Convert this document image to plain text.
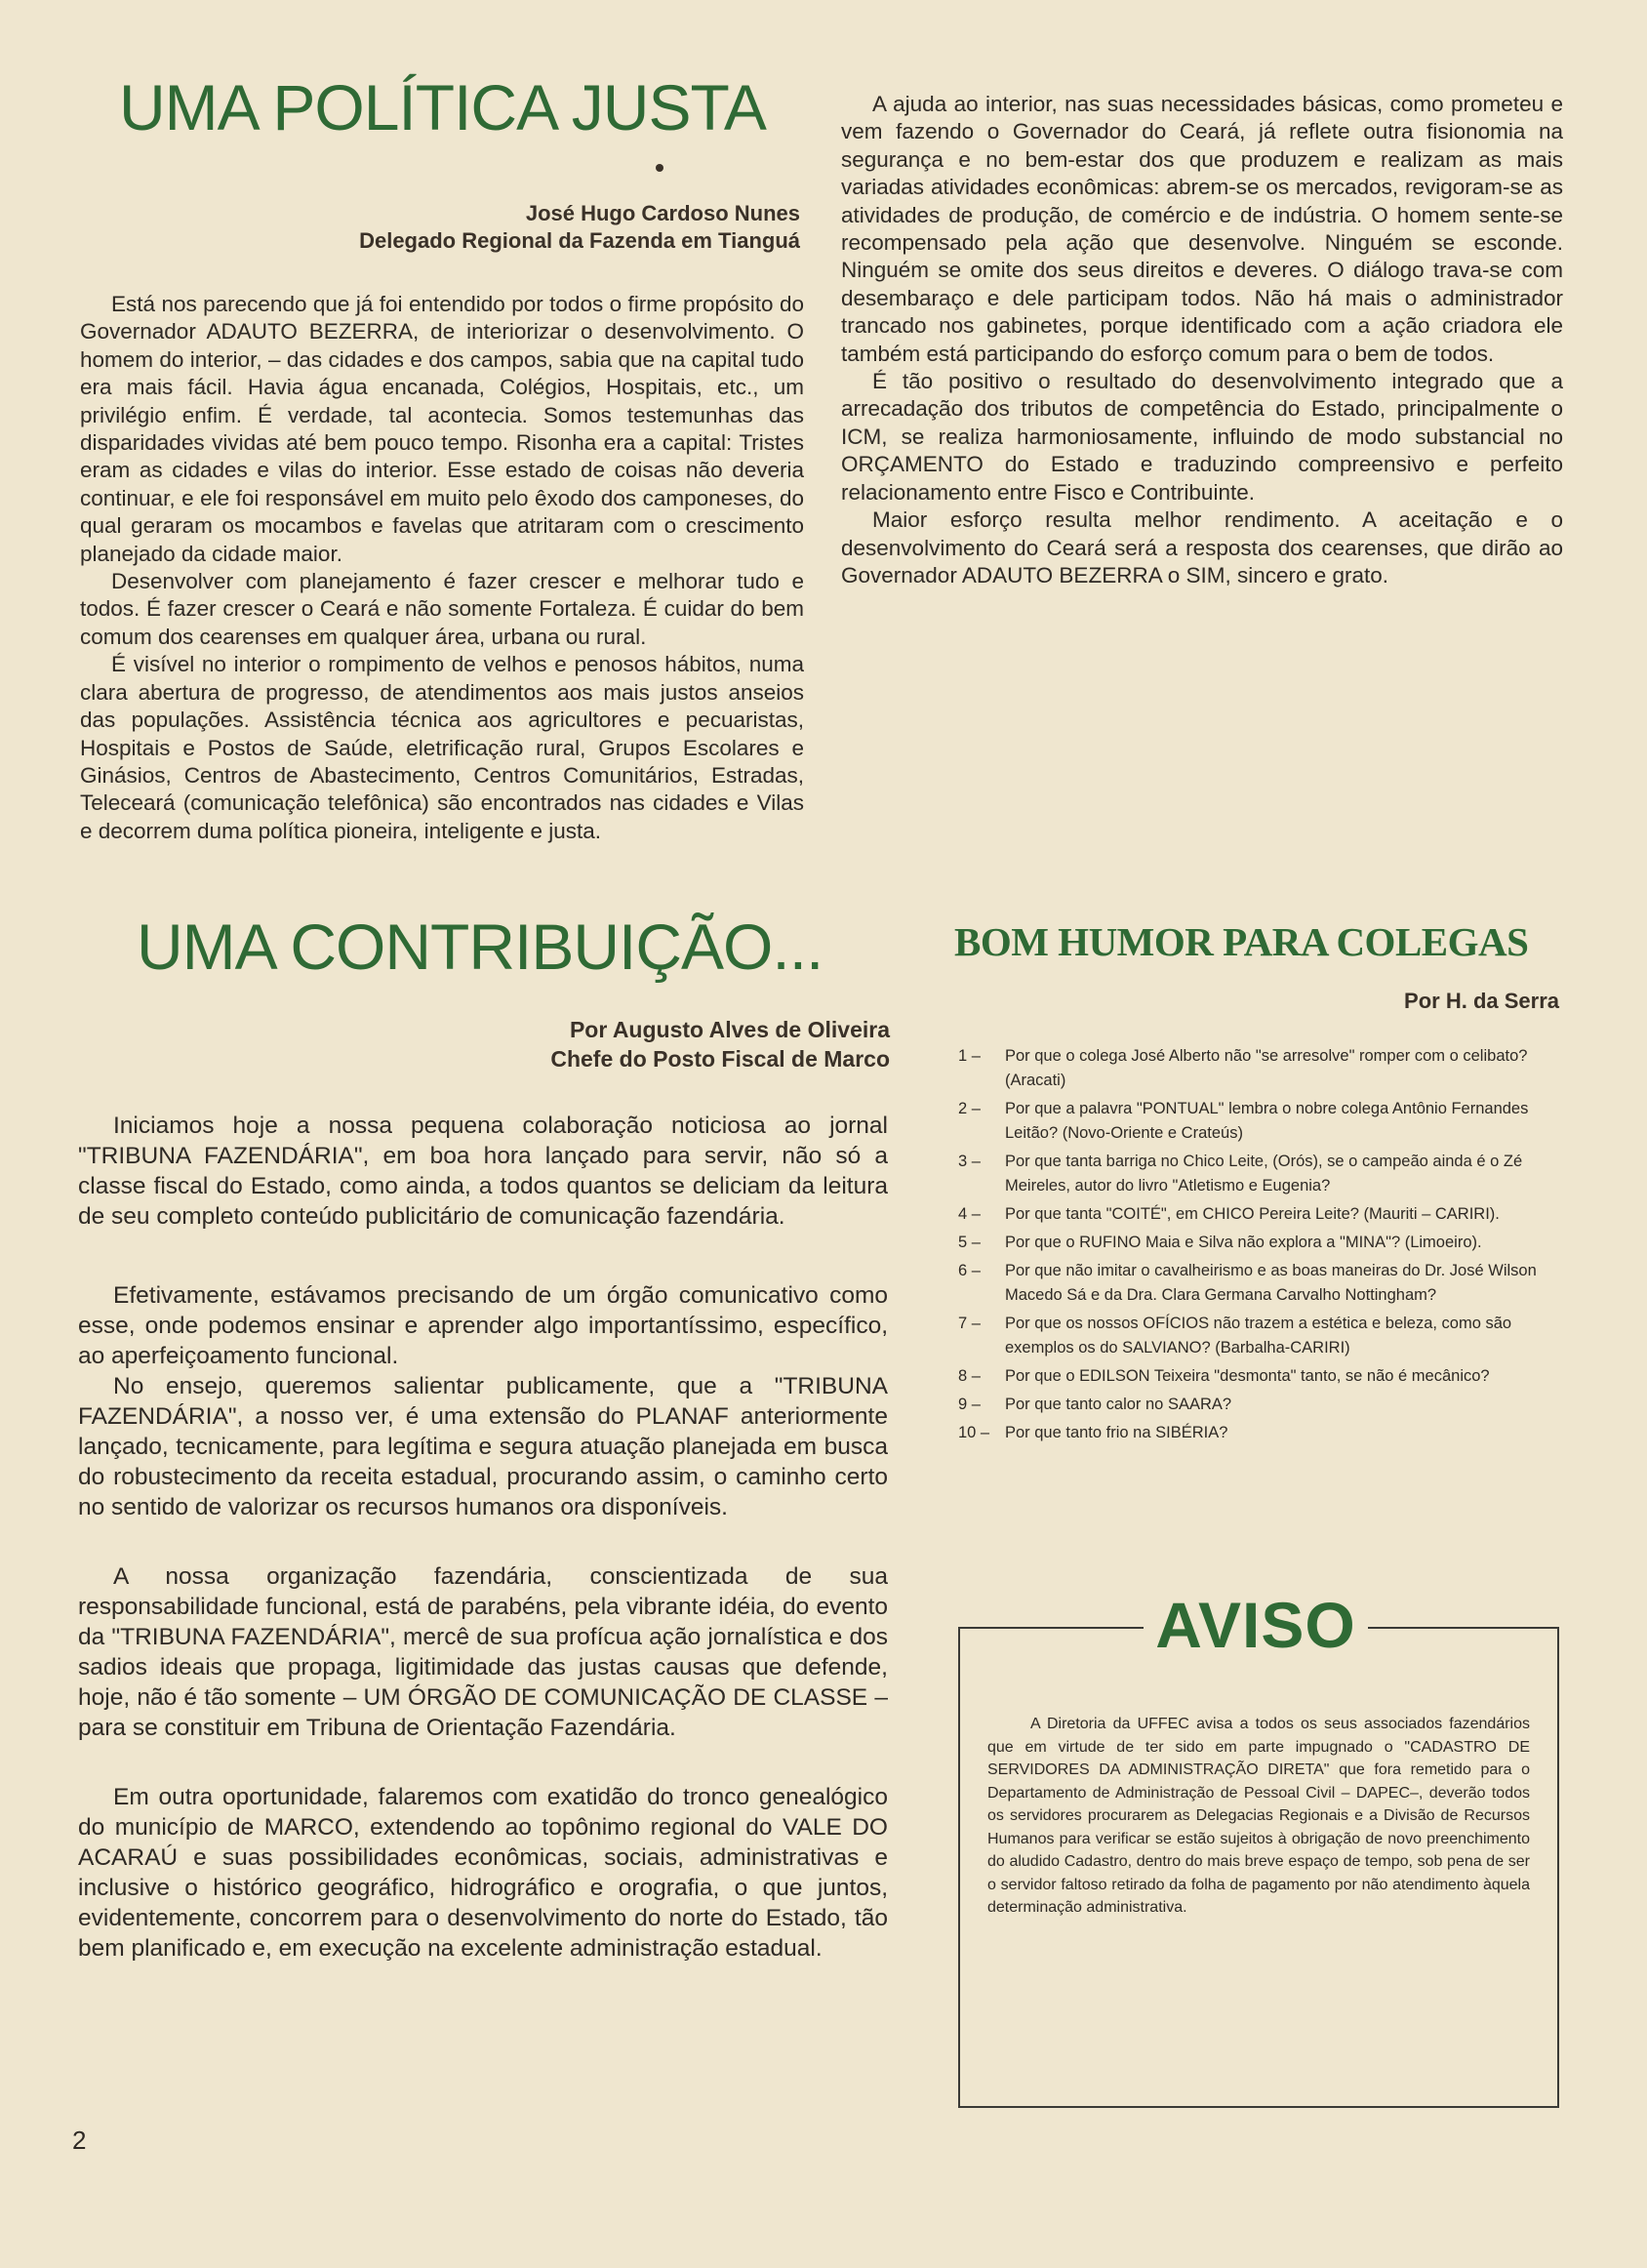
UMA POLÍTICA JUSTA
José Hugo Cardoso Nunes
Delegado Regional da Fazenda em Tianguá

Está nos parecendo que já foi entendido por todos o firme propósito do Governador ADAUTO BEZERRA, de interiorizar o desenvolvimento. O homem do interior, – das cidades e dos campos, sabia que na capital tudo era mais fácil. Havia água encanada, Colégios, Hospitais, etc., um privilégio enfim. É verdade, tal acontecia. Somos testemunhas das disparidades vividas até bem pouco tempo. Risonha era a capital: Tristes eram as cidades e vilas do interior. Esse estado de coisas não deveria continuar, e ele foi responsável em muito pelo êxodo dos camponeses, do qual geraram os mocambos e favelas que atritaram com o crescimento planejado da cidade maior.

Desenvolver com planejamento é fazer crescer e melhorar tudo e todos. É fazer crescer o Ceará e não somente Fortaleza. É cuidar do bem comum dos cearenses em qualquer área, urbana ou rural.

É visível no interior o rompimento de velhos e penosos hábitos, numa clara abertura de progresso, de atendimentos aos mais justos anseios das populações. Assistência técnica aos agricultores e pecuaristas, Hospitais e Postos de Saúde, eletrificação rural, Grupos Escolares e Ginásios, Centros de Abastecimento, Centros Comunitários, Estradas, Teleceará (comunicação telefônica) são encontrados nas cidades e Vilas e decorrem duma política pioneira, inteligente e justa.

A ajuda ao interior, nas suas necessidades básicas, como prometeu e vem fazendo o Governador do Ceará, já reflete outra fisionomia na segurança e no bem-estar dos que produzem e realizam as mais variadas atividades econômicas: abrem-se os mercados, revigoram-se as atividades de produção, de comércio e de indústria. O homem sente-se recompensado pela ação que desenvolve. Ninguém se esconde. Ninguém se omite dos seus direitos e deveres. O diálogo trava-se com desembaraço e dele participam todos. Não há mais o administrador trancado nos gabinetes, porque identificado com a ação criadora ele também está participando do esforço comum para o bem de todos.

É tão positivo o resultado do desenvolvimento integrado que a arrecadação dos tributos de competência do Estado, principalmente o ICM, se realiza harmoniosamente, influindo de modo substancial no ORÇAMENTO do Estado e traduzindo compreensivo e perfeito relacionamento entre Fisco e Contribuinte.

Maior esforço resulta melhor rendimento. A aceitação e o desenvolvimento do Ceará será a resposta dos cearenses, que dirão ao Governador ADAUTO BEZERRA o SIM, sincero e grato.

UMA CONTRIBUIÇÃO...
Por Augusto Alves de Oliveira
Chefe do Posto Fiscal de Marco

Iniciamos hoje a nossa pequena colaboração noticiosa ao jornal "TRIBUNA FAZENDÁRIA", em boa hora lançado para servir, não só a classe fiscal do Estado, como ainda, a todos quantos se deliciam da leitura de seu completo conteúdo publicitário de comunicação fazendária.

Efetivamente, estávamos precisando de um órgão comunicativo como esse, onde podemos ensinar e aprender algo importantíssimo, específico, ao aperfeiçoamento funcional.

No ensejo, queremos salientar publicamente, que a "TRIBUNA FAZENDÁRIA", a nosso ver, é uma extensão do PLANAF anteriormente lançado, tecnicamente, para legítima e segura atuação planejada em busca do robustecimento da receita estadual, procurando assim, o caminho certo no sentido de valorizar os recursos humanos ora disponíveis.

A nossa organização fazendária, conscientizada de sua responsabilidade funcional, está de parabéns, pela vibrante idéia, do evento da "TRIBUNA FAZENDÁRIA", mercê de sua profícua ação jornalística e dos sadios ideais que propaga, ligitimidade das justas causas que defende, hoje, não é tão somente – UM ÓRGÃO DE COMUNICAÇÃO DE CLASSE – para se constituir em Tribuna de Orientação Fazendária.

Em outra oportunidade, falaremos com exatidão do tronco genealógico do município de MARCO, extendendo ao topônimo regional do VALE DO ACARAÚ e suas possibilidades econômicas, sociais, administrativas e inclusive o histórico geográfico, hidrográfico e orografia, o que juntos, evidentemente, concorrem para o desenvolvimento do norte do Estado, tão bem planificado e, em execução na excelente administração estadual.

BOM HUMOR PARA COLEGAS
Por H. da Serra
1 –	Por que o colega José Alberto não "se arresolve" romper com o celibato? (Aracati)
2 –	Por que a palavra "PONTUAL" lembra o nobre colega Antônio Fernandes Leitão? (Novo-Oriente e Crateús)
3 –	Por que tanta barriga no Chico Leite, (Orós), se o campeão ainda é o Zé Meireles, autor do livro "Atletismo e Eugenia?
4 –	Por que tanta "COITÉ", em CHICO Pereira Leite? (Mauriti – CARIRI).
5 –	Por que o RUFINO Maia e Silva não explora a "MINA"? (Limoeiro).
6 –	Por que não imitar o cavalheirismo e as boas maneiras do Dr. José Wilson Macedo Sá e da Dra. Clara Germana Carvalho Nottingham?
7 –	Por que os nossos OFÍCIOS não trazem a estética e beleza, como são exemplos os do SALVIANO? (Barbalha-CARIRI)
8 –	Por que o EDILSON Teixeira "desmonta" tanto, se não é mecânico?
9 –	Por que tanto calor no SAARA?
10 – Por que tanto frio na SIBÉRIA?
AVISO

A Diretoria da UFFEC avisa a todos os seus associados fazendários que em virtude de ter sido em parte impugnado o "CADASTRO DE SERVIDORES DA ADMINISTRAÇÃO DIRETA" que fora remetido para o Departamento de Administração de Pessoal Civil – DAPEC–, deverão todos os servidores procurarem as Delegacias Regionais e a Divisão de Recursos Humanos para verificar se estão sujeitos à obrigação de novo preenchimento do aludido Cadastro, dentro do mais breve espaço de tempo, sob pena de ser o servidor faltoso retirado da folha de pagamento por não atendimento àquela determinação administrativa.

2
